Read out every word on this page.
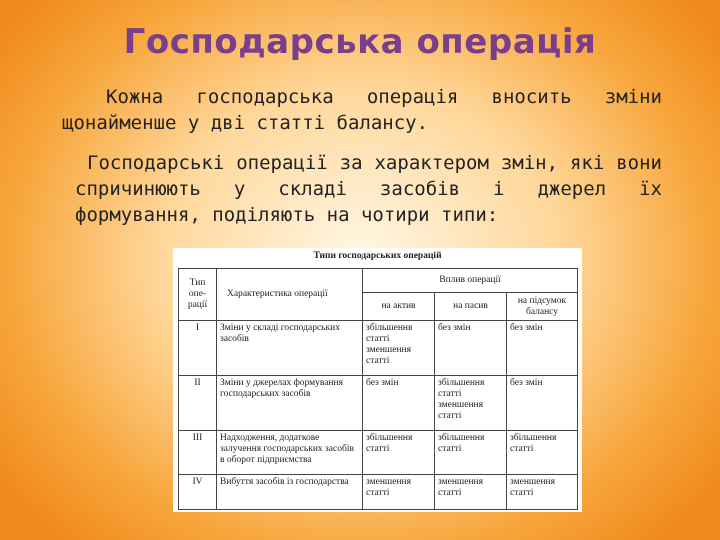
Господарська операція

Кожна господарська операція вносить зміни щонайменше у дві статті балансу.

Господарські операції за характером змін, які вони спричинюють у складі засобів і джерел їх формування, поділяють на чотири типи:

Типи господарських операцій
Тип опе-рації	Характеристика операції	Вплив операції		
		на актив	на пасив	на підсумок балансу
I	Зміни у складі господарських засобів	збільшення статті зменшення статті	без змін	без змін
II	Зміни у джерелах формування господарських засобів	без змін	збільшення статті зменшення статті	без змін
III	Надходження, додаткове залучення господарських засобів в оборот підприємства	збільшення статті	збільшення статті	збільшення статті
IV	Вибуття засобів із господарства	зменшення статті	зменшення статті	зменшення статті
